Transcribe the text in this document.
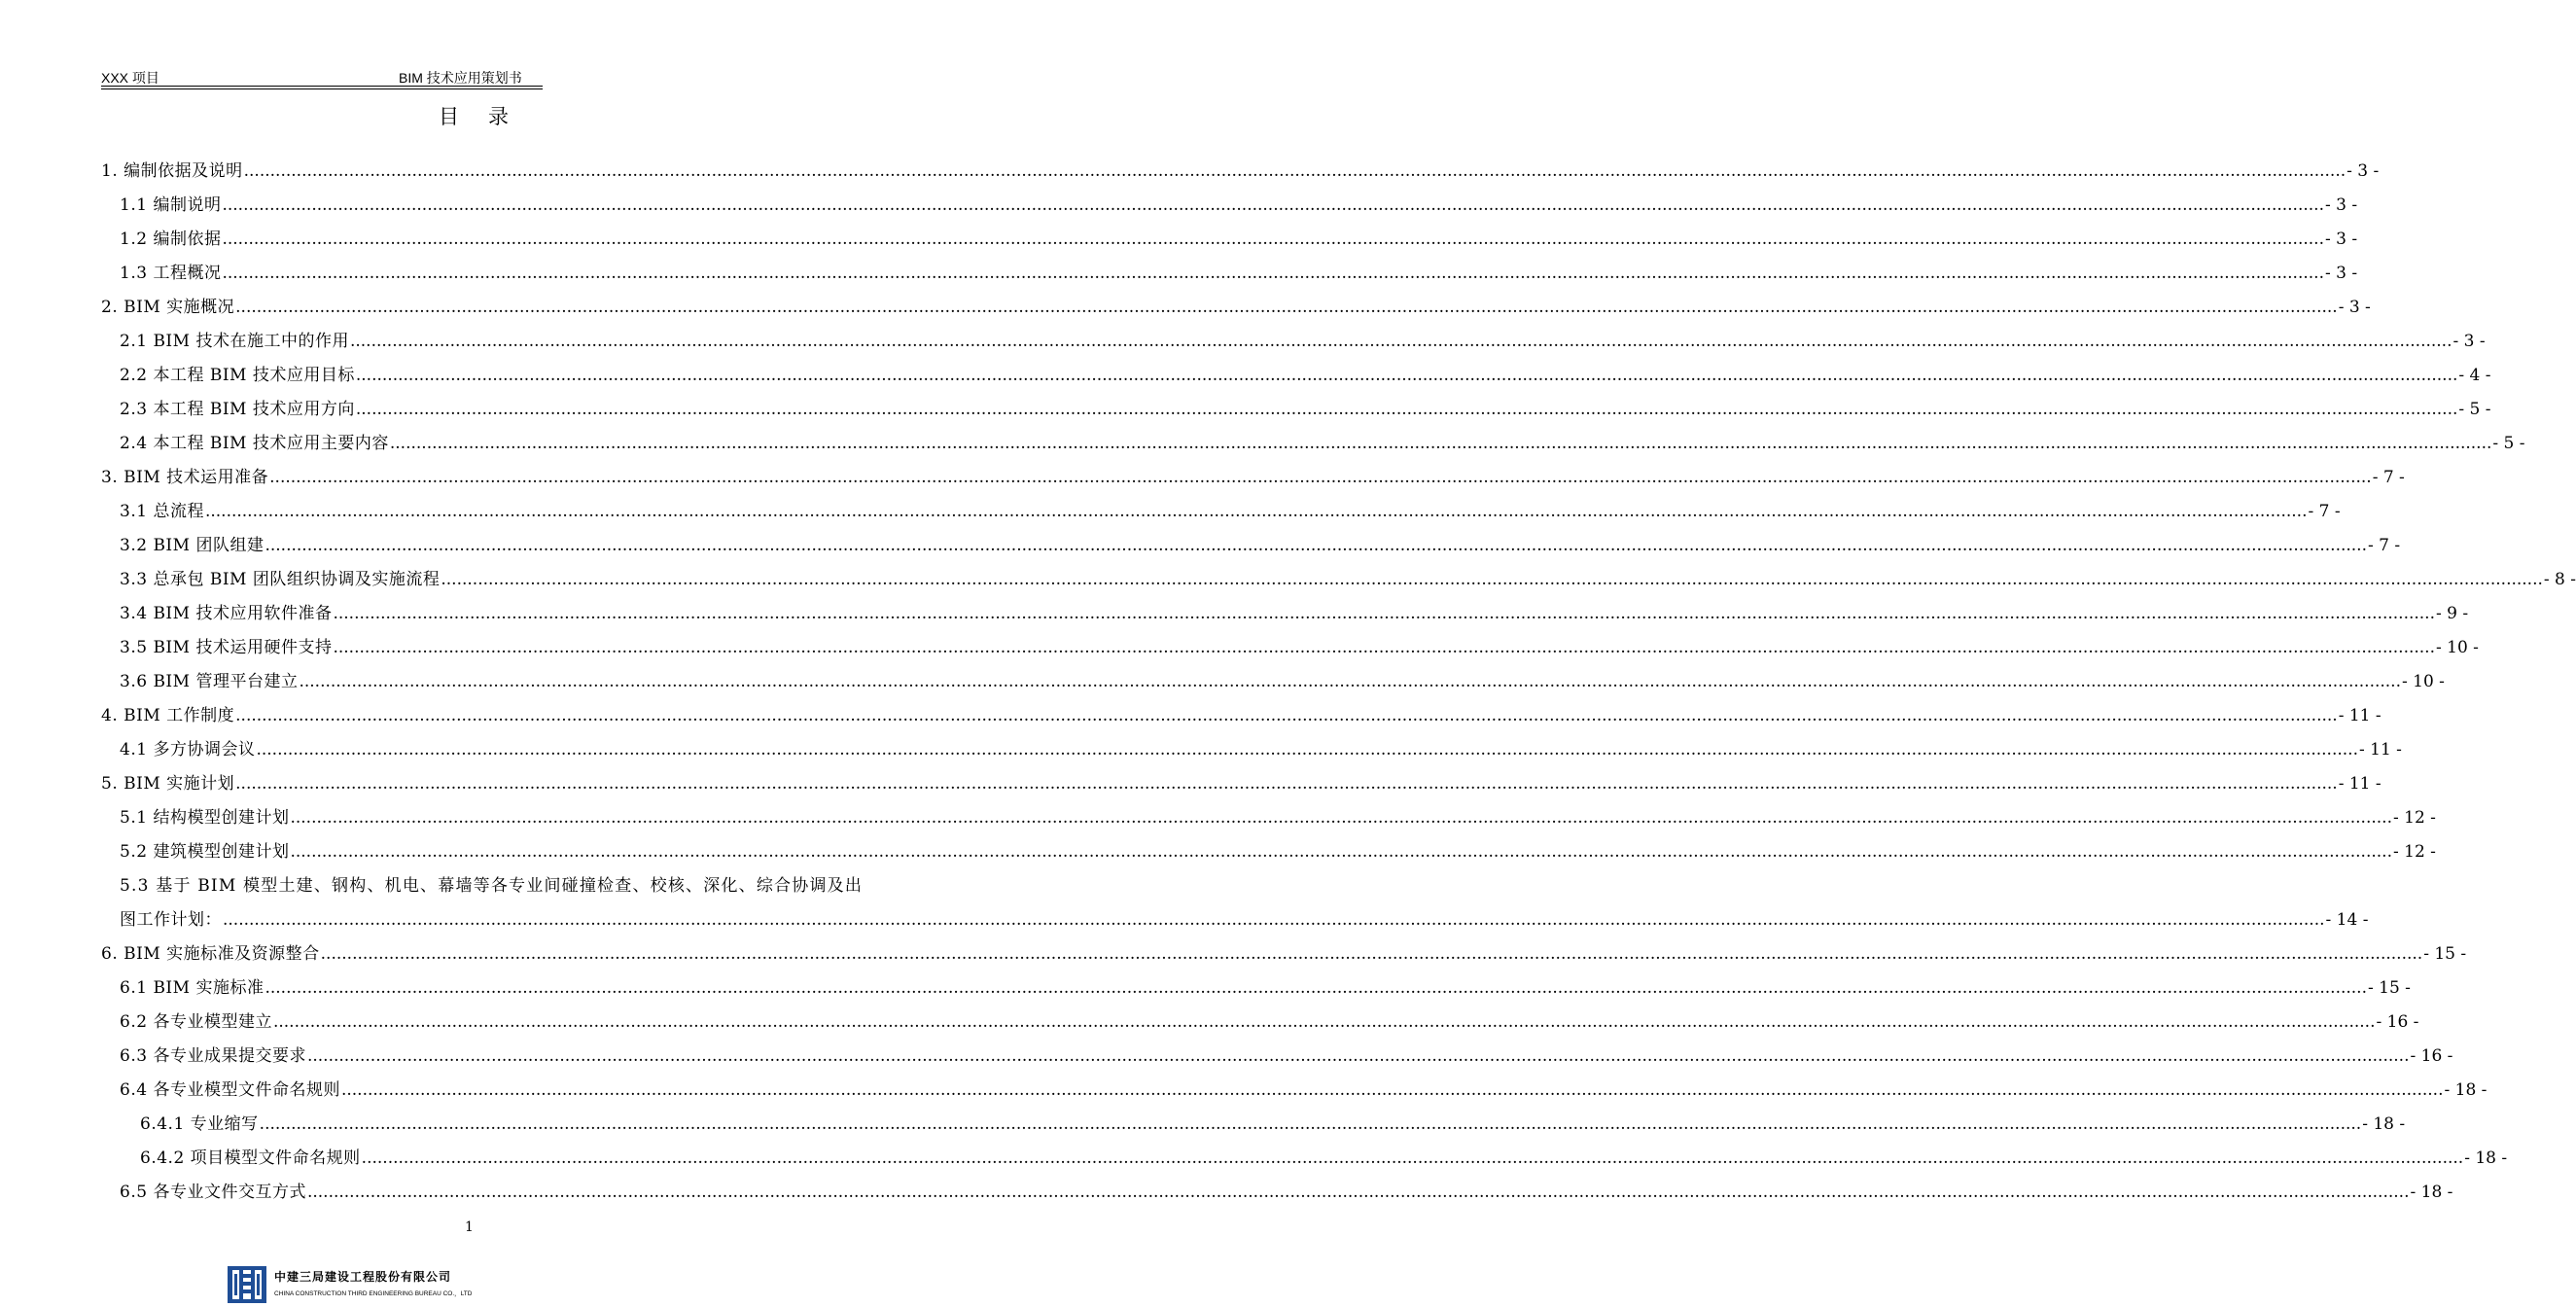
XXX 项目	BIM 技术应用策划书
目录
1. 编制依据及说明 ................................................................................................................................................................................................................................................................................................................................................................................................................ - 3 -
1.1 编制说明 ................................................................................................................................................................................................................................................................................................................................................................................................................ - 3 -
1.2 编制依据 ................................................................................................................................................................................................................................................................................................................................................................................................................ - 3 -
1.3 工程概况 ................................................................................................................................................................................................................................................................................................................................................................................................................ - 3 -
2. BIM 实施概况 ................................................................................................................................................................................................................................................................................................................................................................................................................ - 3 -
2.1 BIM 技术在施工中的作用 ................................................................................................................................................................................................................................................................................................................................................................................................................ - 3 -
2.2 本工程 BIM 技术应用目标 ................................................................................................................................................................................................................................................................................................................................................................................................................ - 4 -
2.3 本工程 BIM 技术应用方向 ................................................................................................................................................................................................................................................................................................................................................................................................................ - 5 -
2.4 本工程 BIM 技术应用主要内容 ................................................................................................................................................................................................................................................................................................................................................................................................................ - 5 -
3. BIM 技术运用准备 ................................................................................................................................................................................................................................................................................................................................................................................................................ - 7 -
3.1 总流程 ................................................................................................................................................................................................................................................................................................................................................................................................................ - 7 -
3.2 BIM 团队组建 ................................................................................................................................................................................................................................................................................................................................................................................................................ - 7 -
3.3 总承包 BIM 团队组织协调及实施流程 ................................................................................................................................................................................................................................................................................................................................................................................................................ - 8 -
3.4 BIM 技术应用软件准备 ................................................................................................................................................................................................................................................................................................................................................................................................................ - 9 -
3.5 BIM 技术运用硬件支持 ................................................................................................................................................................................................................................................................................................................................................................................................................ - 10 -
3.6 BIM 管理平台建立 ................................................................................................................................................................................................................................................................................................................................................................................................................ - 10 -
4. BIM 工作制度 ................................................................................................................................................................................................................................................................................................................................................................................................................ - 11 -
4.1 多方协调会议 ................................................................................................................................................................................................................................................................................................................................................................................................................ - 11 -
5. BIM 实施计划 ................................................................................................................................................................................................................................................................................................................................................................................................................ - 11 -
5.1 结构模型创建计划 ................................................................................................................................................................................................................................................................................................................................................................................................................ - 12 -
5.2 建筑模型创建计划 ................................................................................................................................................................................................................................................................................................................................................................................................................ - 12 -
5.3 基于 BIM 模型土建、钢构、机电、幕墙等各专业间碰撞检查、校核、深化、综合协调及出
图工作计划： ................................................................................................................................................................................................................................................................................................................................................................................................................ - 14 -
6. BIM 实施标准及资源整合 ................................................................................................................................................................................................................................................................................................................................................................................................................ - 15 -
6.1 BIM 实施标准 ................................................................................................................................................................................................................................................................................................................................................................................................................ - 15 -
6.2 各专业模型建立 ................................................................................................................................................................................................................................................................................................................................................................................................................ - 16 -
6.3 各专业成果提交要求 ................................................................................................................................................................................................................................................................................................................................................................................................................ - 16 -
6.4 各专业模型文件命名规则 ................................................................................................................................................................................................................................................................................................................................................................................................................ - 18 -
6.4.1 专业缩写 ................................................................................................................................................................................................................................................................................................................................................................................................................ - 18 -
6.4.2 项目模型文件命名规则 ................................................................................................................................................................................................................................................................................................................................................................................................................ - 18 -
6.5 各专业文件交互方式 ................................................................................................................................................................................................................................................................................................................................................................................................................ - 18 -
1
中建三局建设工程股份有限公司
CHINA CONSTRUCTION THIRD ENGINEERING BUREAU CO.，LTD
